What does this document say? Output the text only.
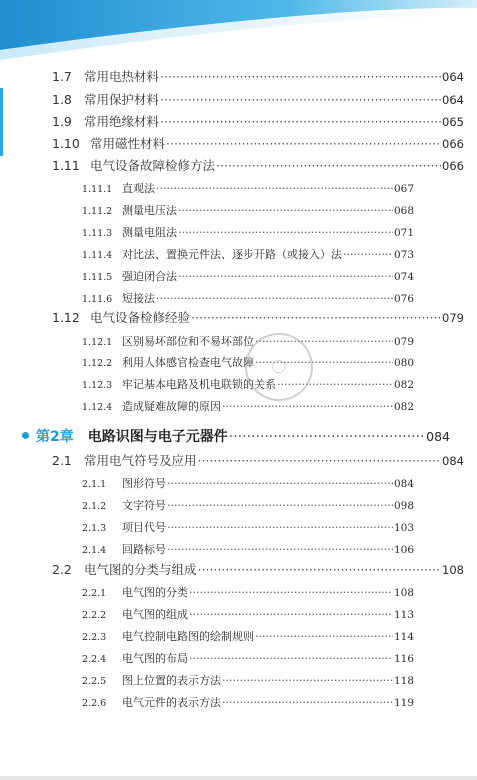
1.7 常用电热材料 ·····	064
1.8 常用保护材料 ·····	064
1.9 常用绝缘材料 ·····	065
1.10 常用磁性材料 ·····	066
1.11 电气设备故障检修方法 ·····	066
1.11.1 直观法 ·····	067
1.11.2 测量电压法 ·····	068
1.11.3 测量电阻法 ·····	071
1.11.4 对比法、置换元件法、逐步开路（或接入）法 ·····	073
1.11.5 强迫闭合法 ·····	074
1.11.6 短接法 ·····	076
1.12 电气设备检修经验 ·····	079
1.12.1 区别易坏部位和不易坏部位 ·····	079
1.12.2 利用人体感官检查电气故障 ·····	080
1.12.3 牢记基本电路及机电联锁的关系 ·····	082
1.12.4 造成疑难故障的原因 ·····	082
第2章 电路识图与电子元器件 ·····	084
2.1 常用电气符号及应用 ·····	084
2.1.1	图形符号 ·····	084
2.1.2	文字符号 ·····	098
2.1.3	项目代号 ·····	103
2.1.4	回路标号 ·····	106
2.2 电气图的分类与组成 ·····	108
2.2.1	电气图的分类 ·····	108
2.2.2	电气图的组成 ·····	113
2.2.3	电气控制电路图的绘制规则 ·····	114
2.2.4	电气图的布局 ·····	116
2.2.5	图上位置的表示方法 ·····	118
2.2.6	电气元件的表示方法 ·····	119
◯
